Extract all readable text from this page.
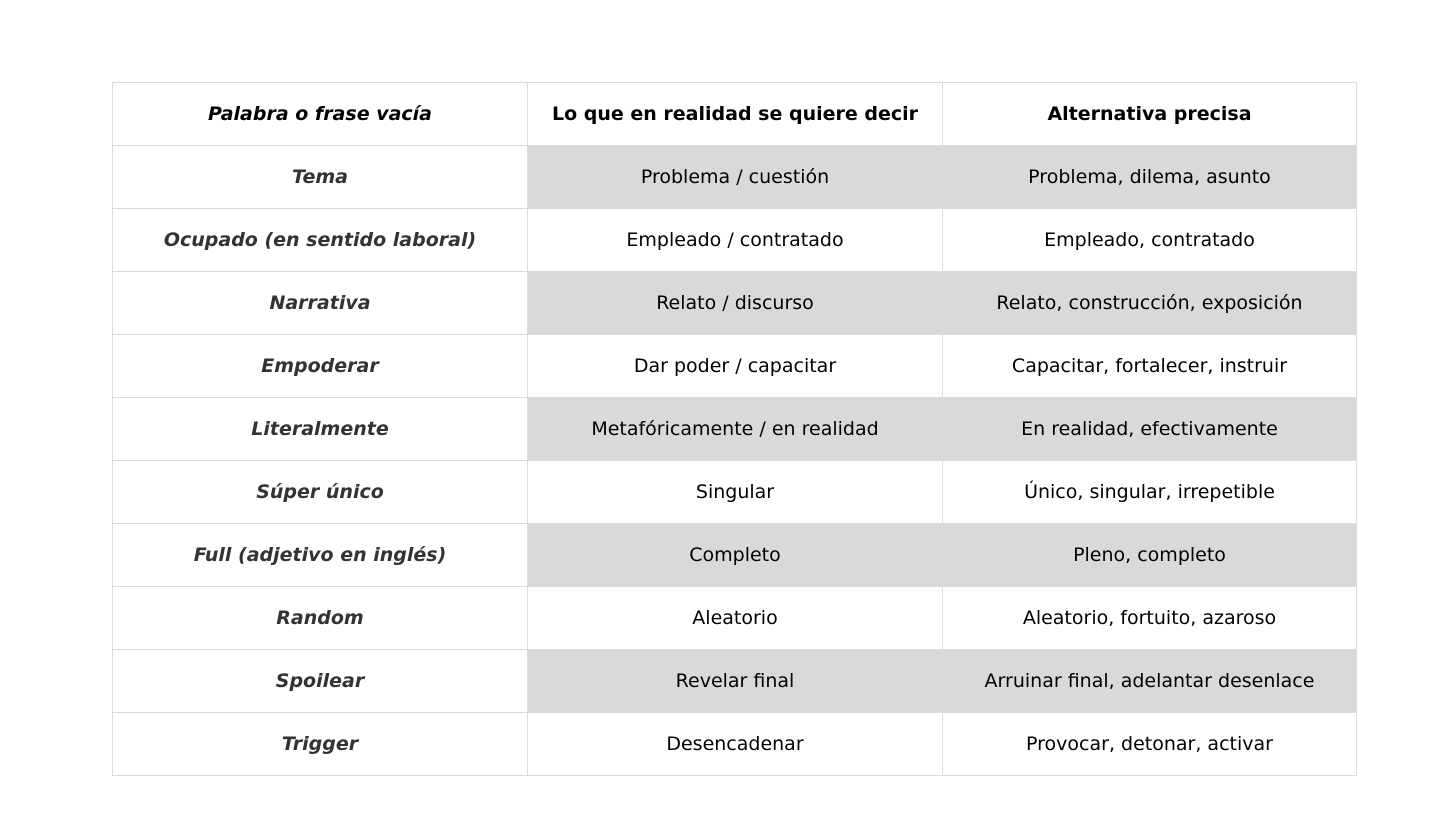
Palabra o frase vacía	Lo que en realidad se quiere decir	Alternativa precisa
Tema	Problema / cuestión	Problema, dilema, asunto
Ocupado (en sentido laboral)	Empleado / contratado	Empleado, contratado
Narrativa	Relato / discurso	Relato, construcción, exposición
Empoderar	Dar poder / capacitar	Capacitar, fortalecer, instruir
Literalmente	Metafóricamente / en realidad	En realidad, efectivamente
Súper único	Singular	Único, singular, irrepetible
Full (adjetivo en inglés)	Completo	Pleno, completo
Random	Aleatorio	Aleatorio, fortuito, azaroso
Spoilear	Revelar final	Arruinar final, adelantar desenlace
Trigger	Desencadenar	Provocar, detonar, activar
